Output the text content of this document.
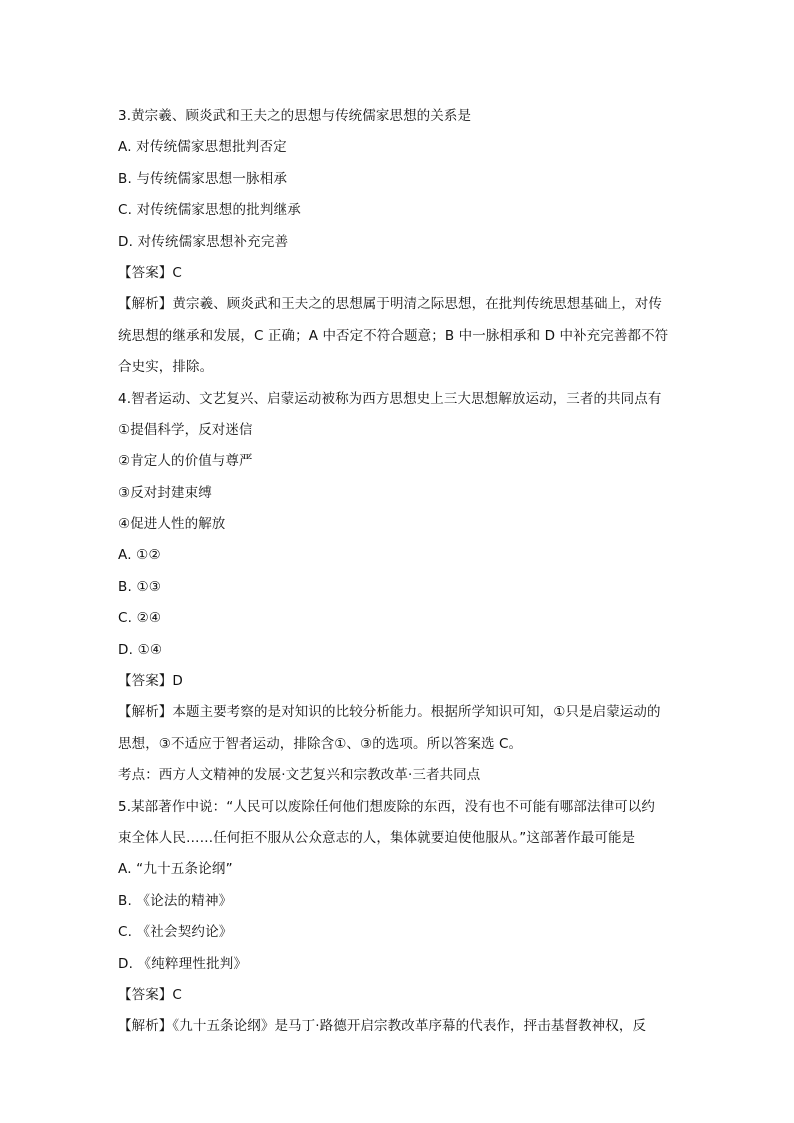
3.黄宗羲、顾炎武和王夫之的思想与传统儒家思想的关系是
A. 对传统儒家思想批判否定
B. 与传统儒家思想一脉相承
C. 对传统儒家思想的批判继承
D. 对传统儒家思想补充完善
【答案】C
【解析】黄宗羲、顾炎武和王夫之的思想属于明清之际思想，在批判传统思想基础上，对传
统思想的继承和发展，C 正确；A 中否定不符合题意；B 中一脉相承和 D 中补充完善都不符
合史实，排除。
4.智者运动、文艺复兴、启蒙运动被称为西方思想史上三大思想解放运动，三者的共同点有
①提倡科学，反对迷信
②肯定人的价值与尊严
③反对封建束缚
④促进人性的解放
A. ①②
B. ①③
C. ②④
D. ①④
【答案】D
【解析】本题主要考察的是对知识的比较分析能力。根据所学知识可知，①只是启蒙运动的
思想，③不适应于智者运动，排除含①、③的选项。所以答案选 C。
考点：西方人文精神的发展·文艺复兴和宗教改革·三者共同点
5.某部著作中说：“人民可以废除任何他们想废除的东西，没有也不可能有哪部法律可以约
束全体人民……任何拒不服从公众意志的人，集体就要迫使他服从。”这部著作最可能是
A. “九十五条论纲”
B. 《论法的精神》
C. 《社会契约论》
D. 《纯粹理性批判》
【答案】C
【解析】《九十五条论纲》是马丁·路德开启宗教改革序幕的代表作，抨击基督教神权，反
